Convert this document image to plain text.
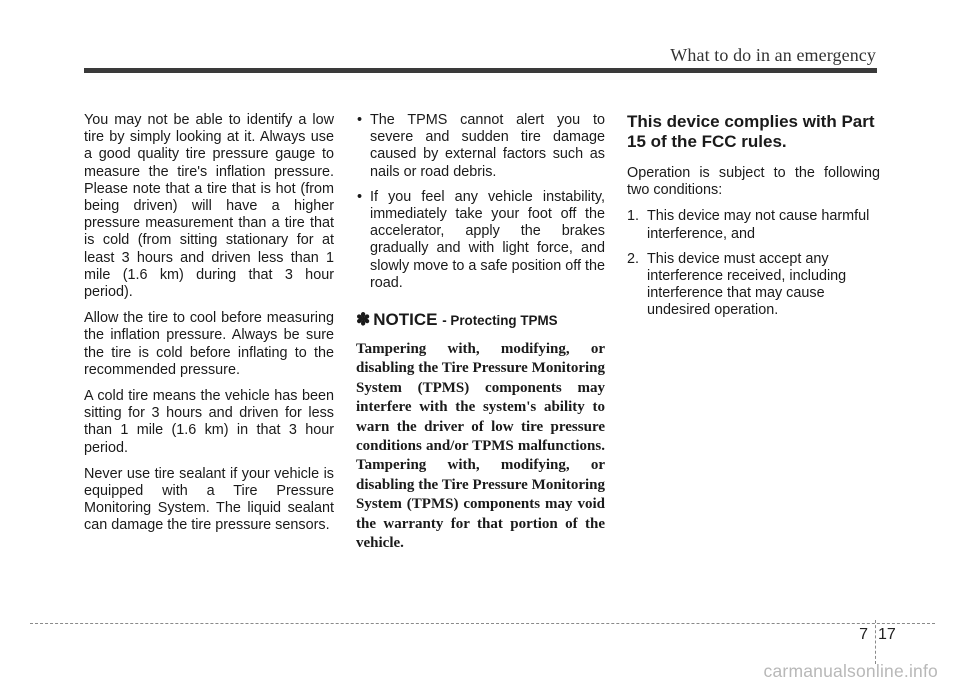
What to do in an emergency

You may not be able to identify a low tire by simply looking at it. Always use a good quality tire pressure gauge to measure the tire's inflation pressure. Please note that a tire that is hot (from being driven) will have a higher pressure measurement than a tire that is cold (from sitting stationary for at least 3 hours and driven less than 1 mile (1.6 km) during that 3 hour period).

Allow the tire to cool before measuring the inflation pressure. Always be sure the tire is cold before inflating to the recommended pressure.

A cold tire means the vehicle has been sitting for 3 hours and driven for less than 1 mile (1.6 km) in that 3 hour period.

Never use tire sealant if your vehicle is equipped with a Tire Pressure Monitoring System. The liquid sealant can damage the tire pressure sensors.

• The TPMS cannot alert you to severe and sudden tire damage caused by external factors such as nails or road debris.
• If you feel any vehicle instability, immediately take your foot off the accelerator, apply the brakes gradually and with light force, and slowly move to a safe position off the road.
✽ NOTICE - Protecting TPMS

Tampering with, modifying, or disabling the Tire Pressure Monitoring System (TPMS) components may interfere with the system's ability to warn the driver of low tire pressure conditions and/or TPMS malfunctions. Tampering with, modifying, or disabling the Tire Pressure Monitoring System (TPMS) components may void the warranty for that portion of the vehicle.

This device complies with Part 15 of the FCC rules.

Operation is subject to the following two conditions:

1. This device may not cause harmful interference, and
2. This device must accept any interference received, including interference that may cause undesired operation.
7 17
carmanualsonline.info
